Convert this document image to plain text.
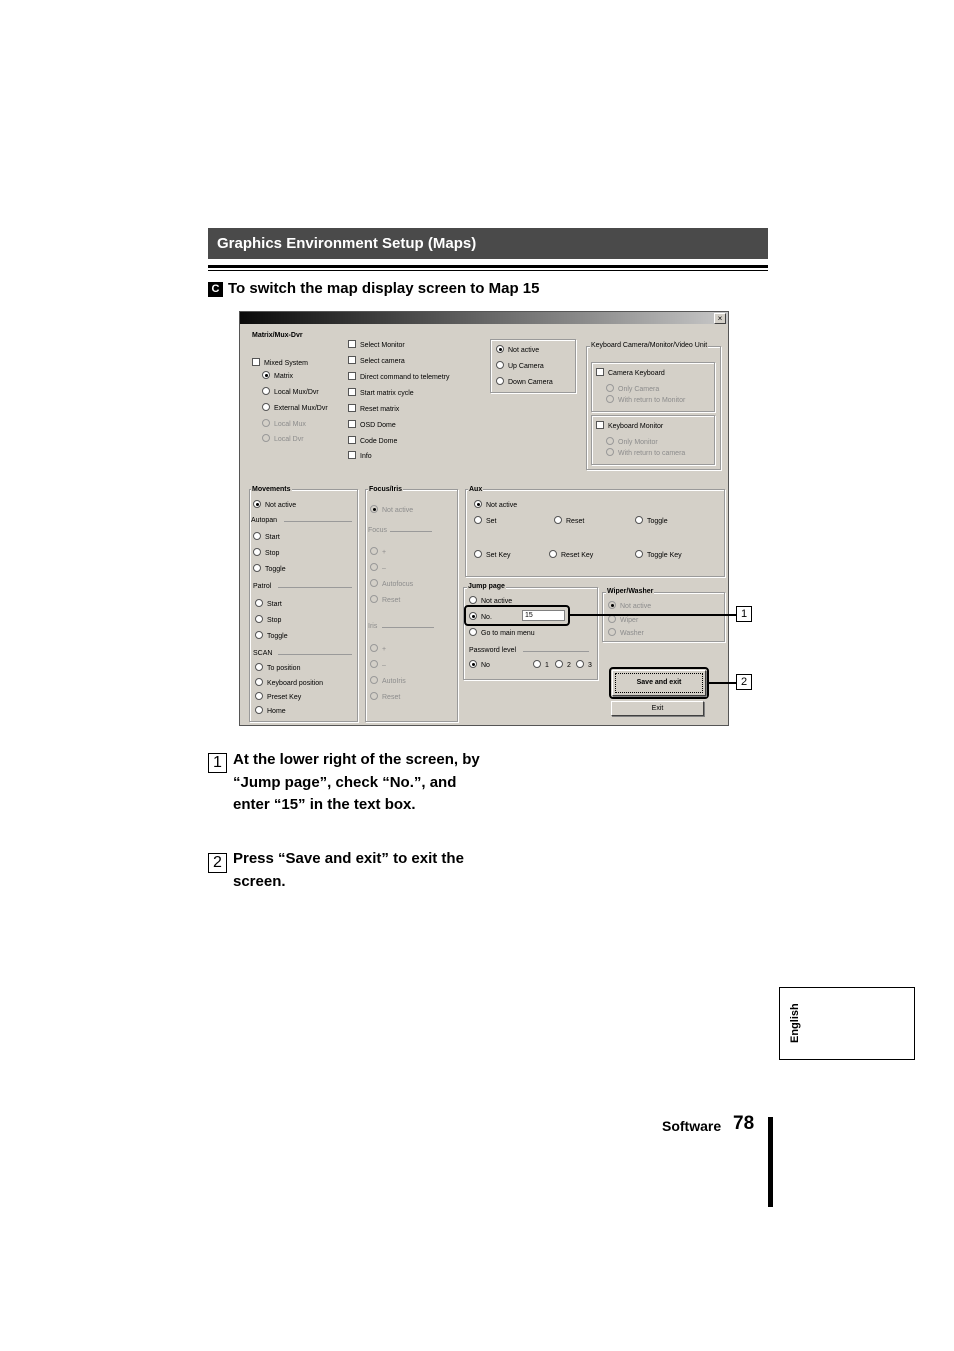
Graphics Environment Setup (Maps)
C To switch the map display screen to Map 15
×
Matrix/Mux-Dvr
Mixed System
Matrix
Local Mux/Dvr
External Mux/Dvr
Local Mux
Local Dvr
Select Monitor
Select camera
Direct command to telemetry
Start matrix cycle
Reset matrix
OSD Dome
Code Dome
Info
Not active
Up Camera
Down Camera
Keyboard Camera/Monitor/Video Unit
Camera Keyboard
Only Camera
With return to Monitor
Keyboard Monitor
Only Monitor
With return to camera
Movements
Not active
Autopan
Start
Stop
Toggle
Patrol
Start
Stop
Toggle
SCAN
To position
Keyboard position
Preset Key
Home
Focus/Iris
Not active
Focus
+
–
Autofocus
Reset
Iris
+
–
AutoIris
Reset
Aux
Not active
Set	Reset	Toggle
Set Key	Reset Key	Toggle Key
Jump page
Not active
No.	15
Go to main menu
Password level
No	1	2	3
Wiper/Washer
Not active
Wiper
Washer
Save and exit
Exit
1
2
1 At the lower right of the screen, by “Jump page”, check “No.”, and enter “15” in the text box.
2 Press “Save and exit” to exit the screen.
English
Software 78
